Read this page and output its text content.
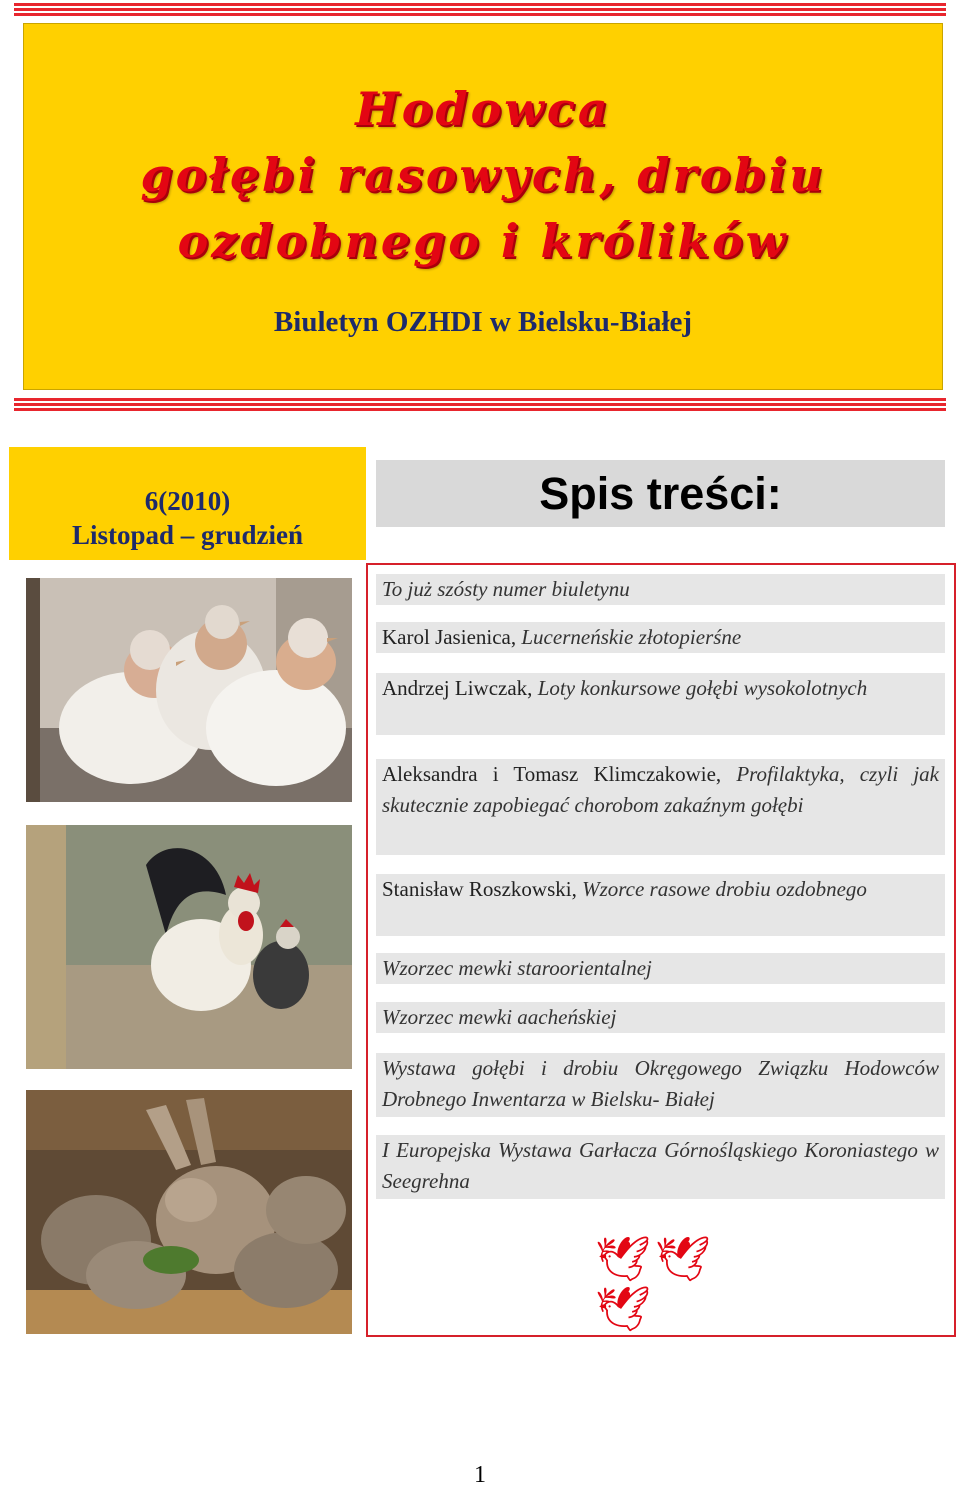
Hodowca
gołębi rasowych, drobiu
ozdobnego i królików
Biuletyn OZHDI w Bielsku-Białej
6(2010)
Listopad – grudzień
Spis treści:
To już szósty numer biuletynu
Karol Jasienica, Lucerneńskie złotopierśne
Andrzej Liwczak, Loty konkursowe gołębi wysokolotnych
Aleksandra i Tomasz Klimczakowie, Profilaktyka, czyli jak skutecznie zapobiegać chorobom zakaźnym gołębi
Stanisław Roszkowski, Wzorce rasowe drobiu ozdobnego
Wzorzec mewki staroorientalnej
Wzorzec mewki aacheńskiej
Wystawa gołębi i drobiu Okręgowego Związku Hodowców Drobnego Inwentarza w Bielsku- Białej
I Europejska Wystawa Garłacza Górnośląskiego Koroniastego w Seegrehna
🕊🕊🕊
1
